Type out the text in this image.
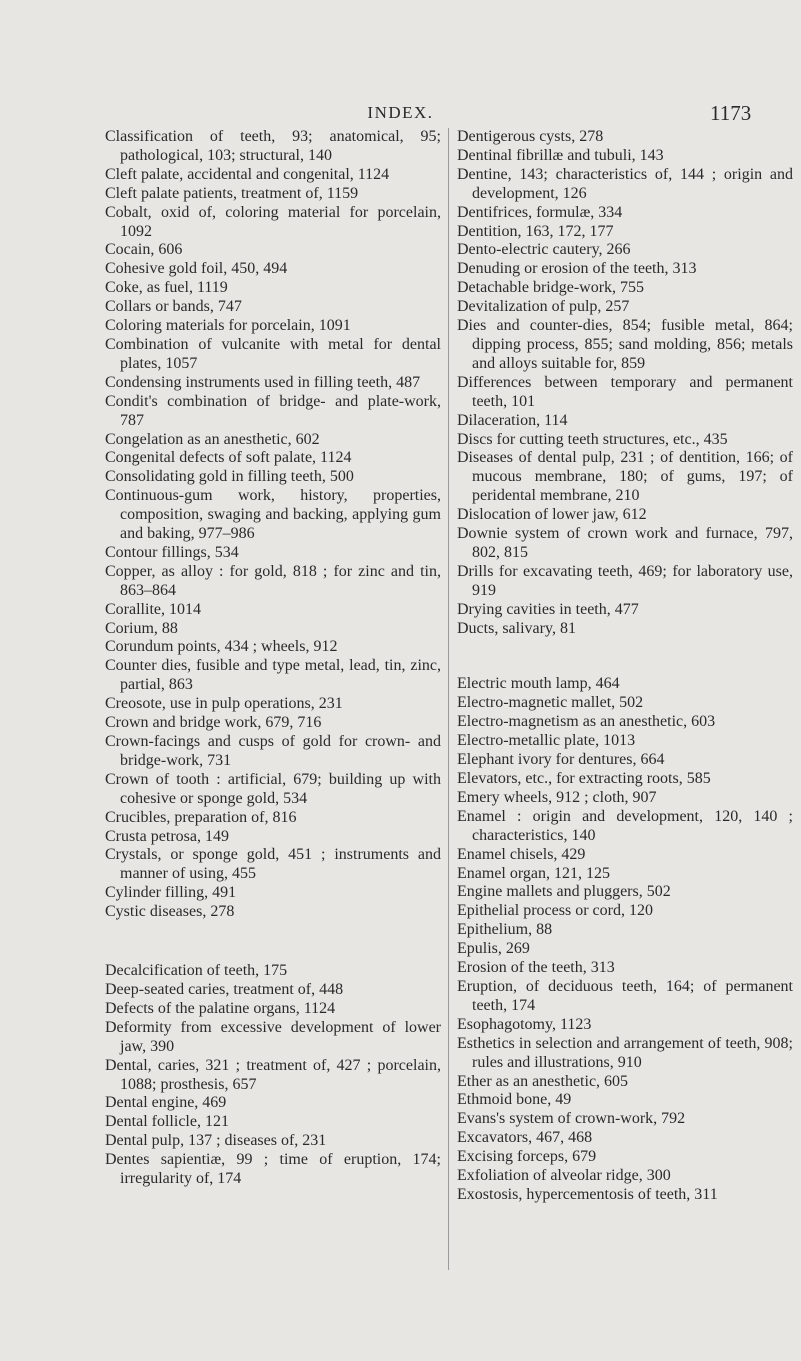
INDEX.	1173

Classification of teeth, 93; anatomical, 95; pathological, 103; structural, 140

Cleft palate, accidental and congenital, 1124

Cleft palate patients, treatment of, 1159

Cobalt, oxid of, coloring material for porcelain, 1092

Cocain, 606

Cohesive gold foil, 450, 494

Coke, as fuel, 1119

Collars or bands, 747

Coloring materials for porcelain, 1091

Combination of vulcanite with metal for dental plates, 1057

Condensing instruments used in filling teeth, 487

Condit's combination of bridge- and plate-work, 787

Congelation as an anesthetic, 602

Congenital defects of soft palate, 1124

Consolidating gold in filling teeth, 500

Continuous-gum work, history, properties, composition, swaging and backing, applying gum and baking, 977–986

Contour fillings, 534

Copper, as alloy : for gold, 818 ; for zinc and tin, 863–864

Corallite, 1014

Corium, 88

Corundum points, 434 ; wheels, 912

Counter dies, fusible and type metal, lead, tin, zinc, partial, 863

Creosote, use in pulp operations, 231

Crown and bridge work, 679, 716

Crown-facings and cusps of gold for crown- and bridge-work, 731

Crown of tooth : artificial, 679; building up with cohesive or sponge gold, 534

Crucibles, preparation of, 816

Crusta petrosa, 149

Crystals, or sponge gold, 451 ; instruments and manner of using, 455

Cylinder filling, 491

Cystic diseases, 278

Decalcification of teeth, 175

Deep-seated caries, treatment of, 448

Defects of the palatine organs, 1124

Deformity from excessive development of lower jaw, 390

Dental, caries, 321 ; treatment of, 427 ; porcelain, 1088; prosthesis, 657

Dental engine, 469

Dental follicle, 121

Dental pulp, 137 ; diseases of, 231

Dentes sapientiæ, 99 ; time of eruption, 174; irregularity of, 174

Dentigerous cysts, 278

Dentinal fibrillæ and tubuli, 143

Dentine, 143; characteristics of, 144 ; origin and development, 126

Dentifrices, formulæ, 334

Dentition, 163, 172, 177

Dento-electric cautery, 266

Denuding or erosion of the teeth, 313

Detachable bridge-work, 755

Devitalization of pulp, 257

Dies and counter-dies, 854; fusible metal, 864; dipping process, 855; sand molding, 856; metals and alloys suitable for, 859

Differences between temporary and permanent teeth, 101

Dilaceration, 114

Discs for cutting teeth structures, etc., 435

Diseases of dental pulp, 231 ; of dentition, 166; of mucous membrane, 180; of gums, 197; of peridental membrane, 210

Dislocation of lower jaw, 612

Downie system of crown work and furnace, 797, 802, 815

Drills for excavating teeth, 469; for laboratory use, 919

Drying cavities in teeth, 477

Ducts, salivary, 81

Electric mouth lamp, 464

Electro-magnetic mallet, 502

Electro-magnetism as an anesthetic, 603

Electro-metallic plate, 1013

Elephant ivory for dentures, 664

Elevators, etc., for extracting roots, 585

Emery wheels, 912 ; cloth, 907

Enamel : origin and development, 120, 140 ; characteristics, 140

Enamel chisels, 429

Enamel organ, 121, 125

Engine mallets and pluggers, 502

Epithelial process or cord, 120

Epithelium, 88

Epulis, 269

Erosion of the teeth, 313

Eruption, of deciduous teeth, 164; of permanent teeth, 174

Esophagotomy, 1123

Esthetics in selection and arrangement of teeth, 908; rules and illustrations, 910

Ether as an anesthetic, 605

Ethmoid bone, 49

Evans's system of crown-work, 792

Excavators, 467, 468

Excising forceps, 679

Exfoliation of alveolar ridge, 300

Exostosis, hypercementosis of teeth, 311
